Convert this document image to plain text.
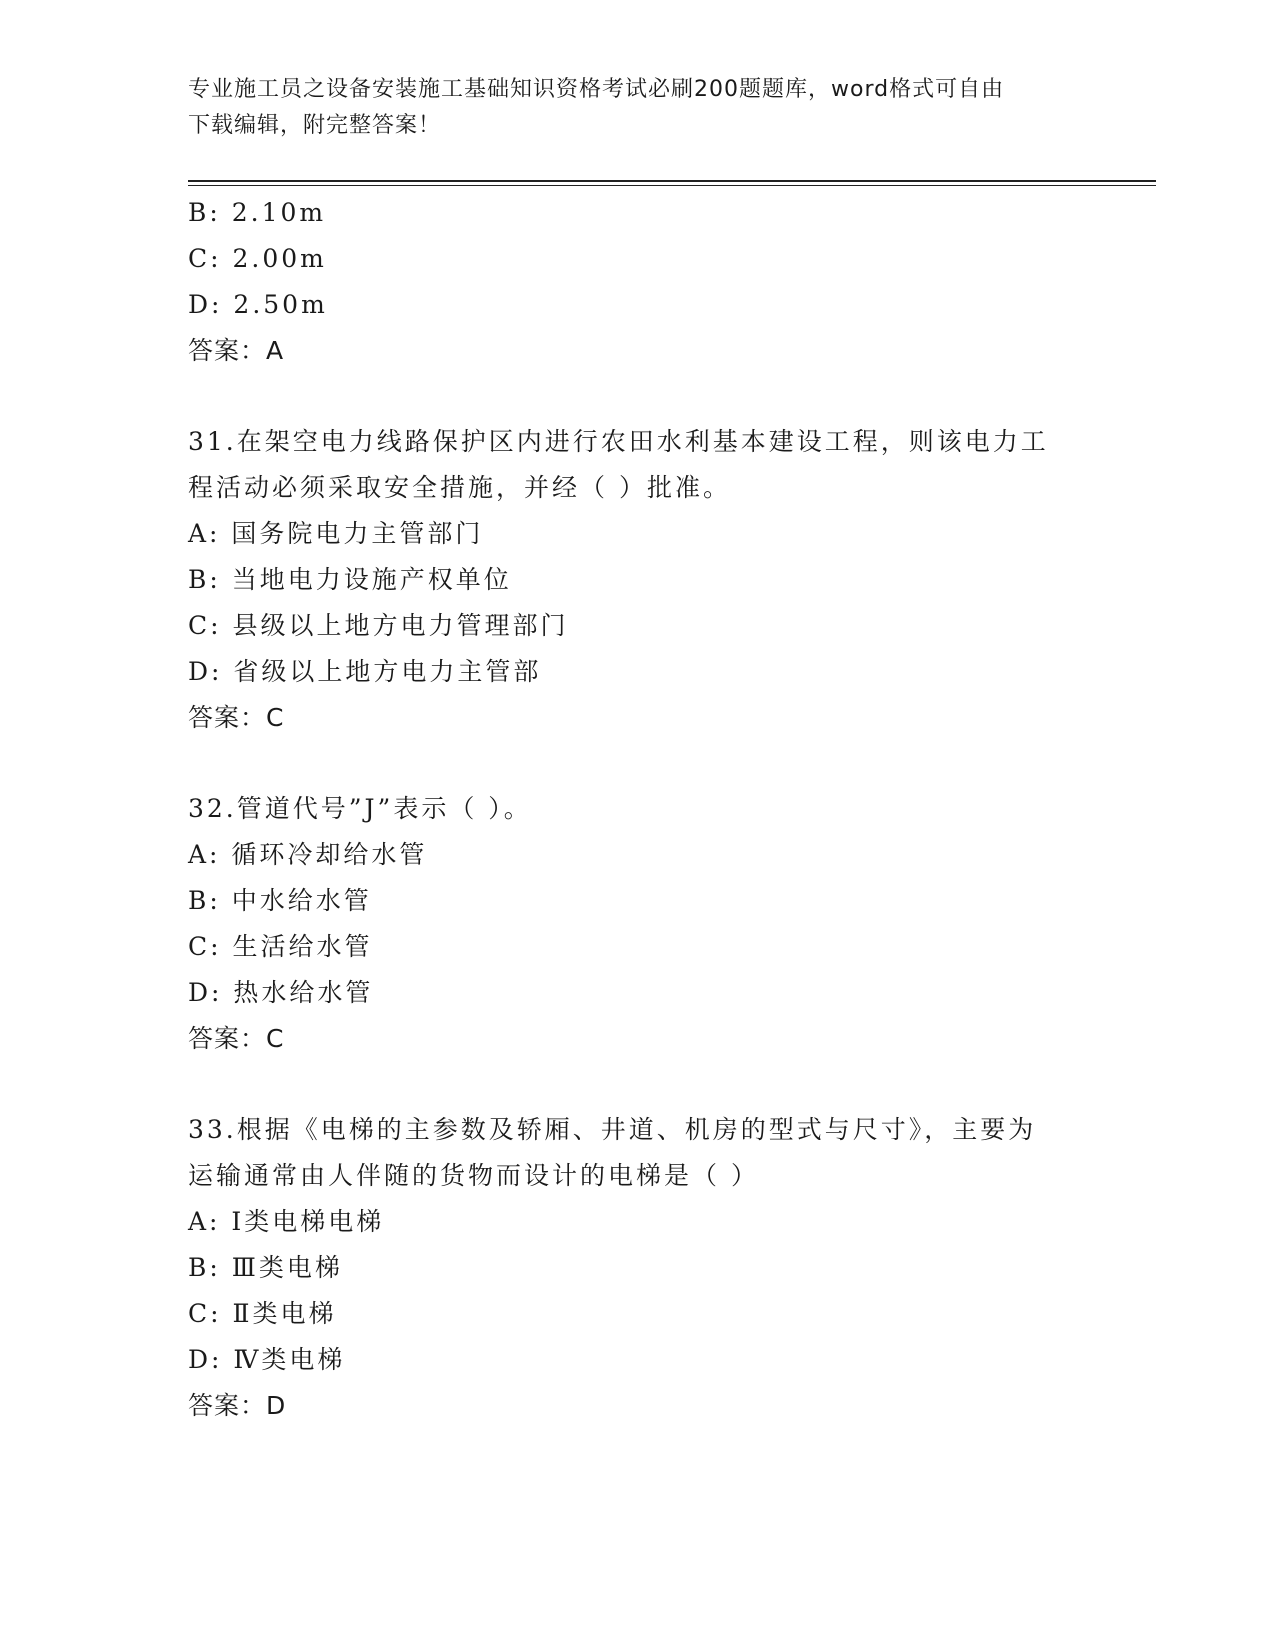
专业施工员之设备安装施工基础知识资格考试必刷200题题库，word格式可自由
下载编辑，附完整答案！
B: 2.10m
C: 2.00m
D: 2.50m
答案：A
31.在架空电力线路保护区内进行农田水利基本建设工程，则该电力工
程活动必须采取安全措施，并经（ ）批准。
A: 国务院电力主管部门
B: 当地电力设施产权单位
C: 县级以上地方电力管理部门
D: 省级以上地方电力主管部
答案：C
32.管道代号”J”表示（ ）。
A: 循环冷却给水管
B: 中水给水管
C: 生活给水管
D: 热水给水管
答案：C
33.根据《电梯的主参数及轿厢、井道、机房的型式与尺寸》，主要为
运输通常由人伴随的货物而设计的电梯是（ ）
A: Ⅰ类电梯电梯
B: Ⅲ类电梯
C: Ⅱ类电梯
D: Ⅳ类电梯
答案：D
